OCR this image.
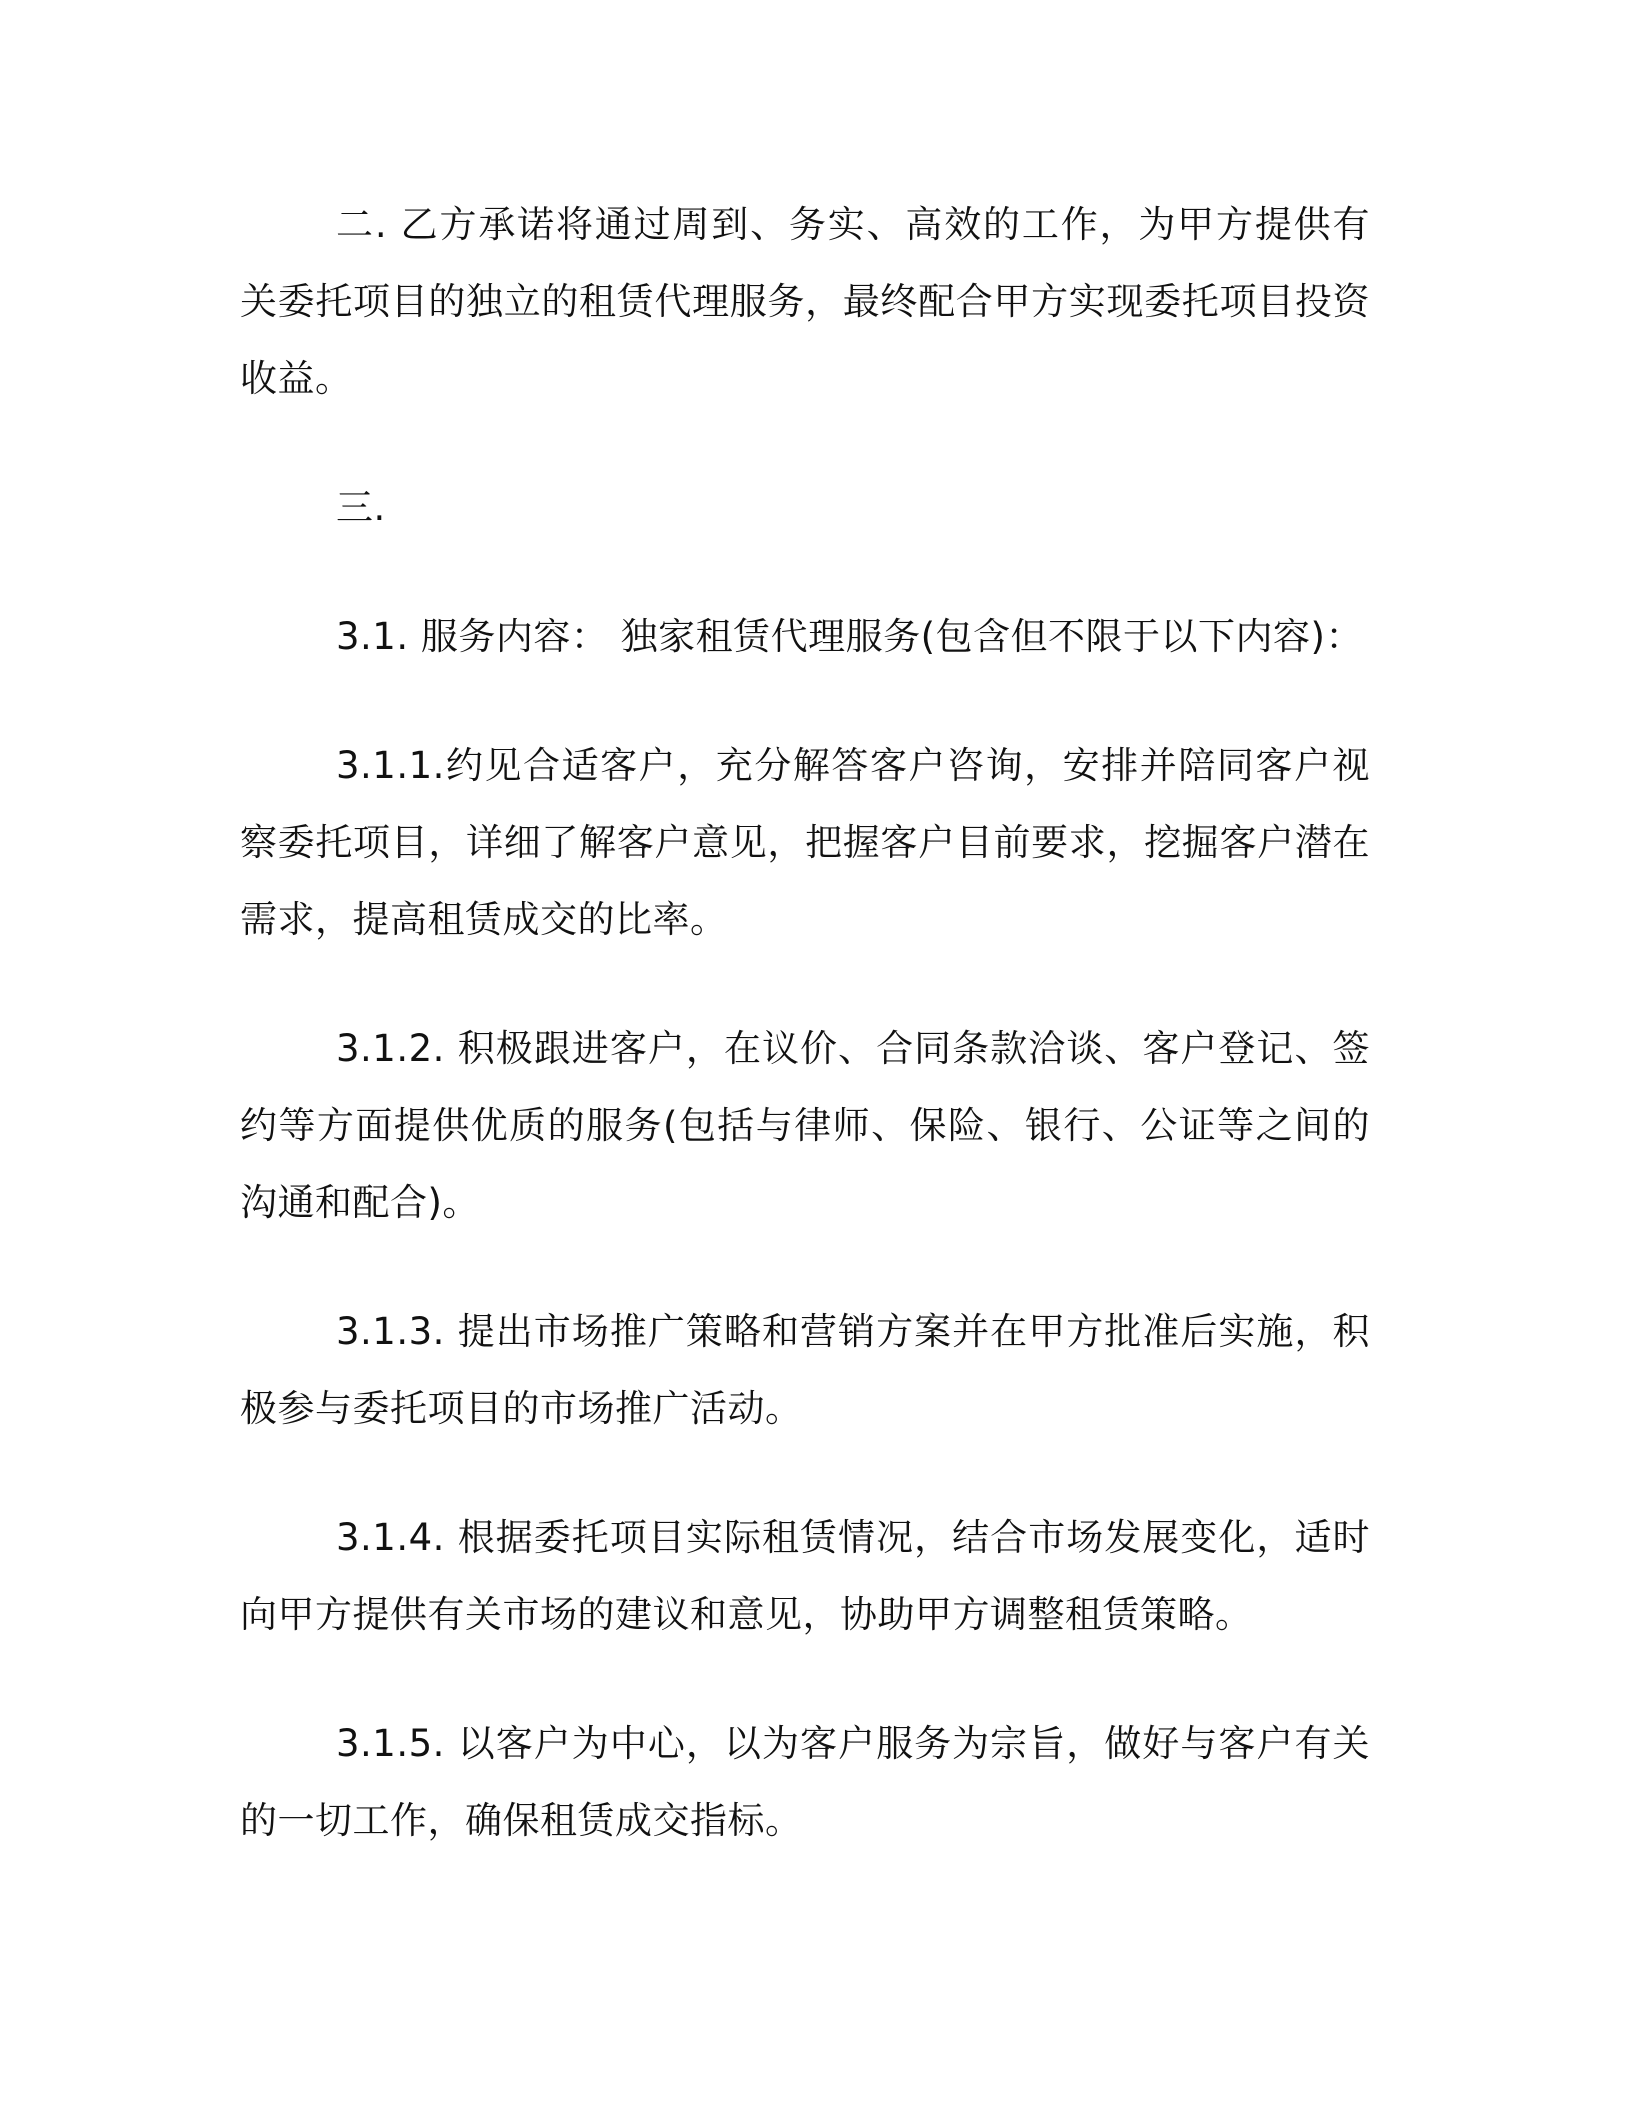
二. 乙方承诺将通过周到、务实、高效的工作，为甲方提供有关委托项目的独立的租赁代理服务，最终配合甲方实现委托项目投资收益。

三.

3.1. 服务内容： 独家租赁代理服务(包含但不限于以下内容)：

3.1.1.约见合适客户，充分解答客户咨询，安排并陪同客户视察委托项目，详细了解客户意见，把握客户目前要求，挖掘客户潜在需求，提高租赁成交的比率。

3.1.2. 积极跟进客户，在议价、合同条款洽谈、客户登记、签约等方面提供优质的服务(包括与律师、保险、银行、公证等之间的沟通和配合)。

3.1.3. 提出市场推广策略和营销方案并在甲方批准后实施，积极参与委托项目的市场推广活动。

3.1.4. 根据委托项目实际租赁情况，结合市场发展变化，适时向甲方提供有关市场的建议和意见，协助甲方调整租赁策略。

3.1.5. 以客户为中心，以为客户服务为宗旨，做好与客户有关的一切工作，确保租赁成交指标。
